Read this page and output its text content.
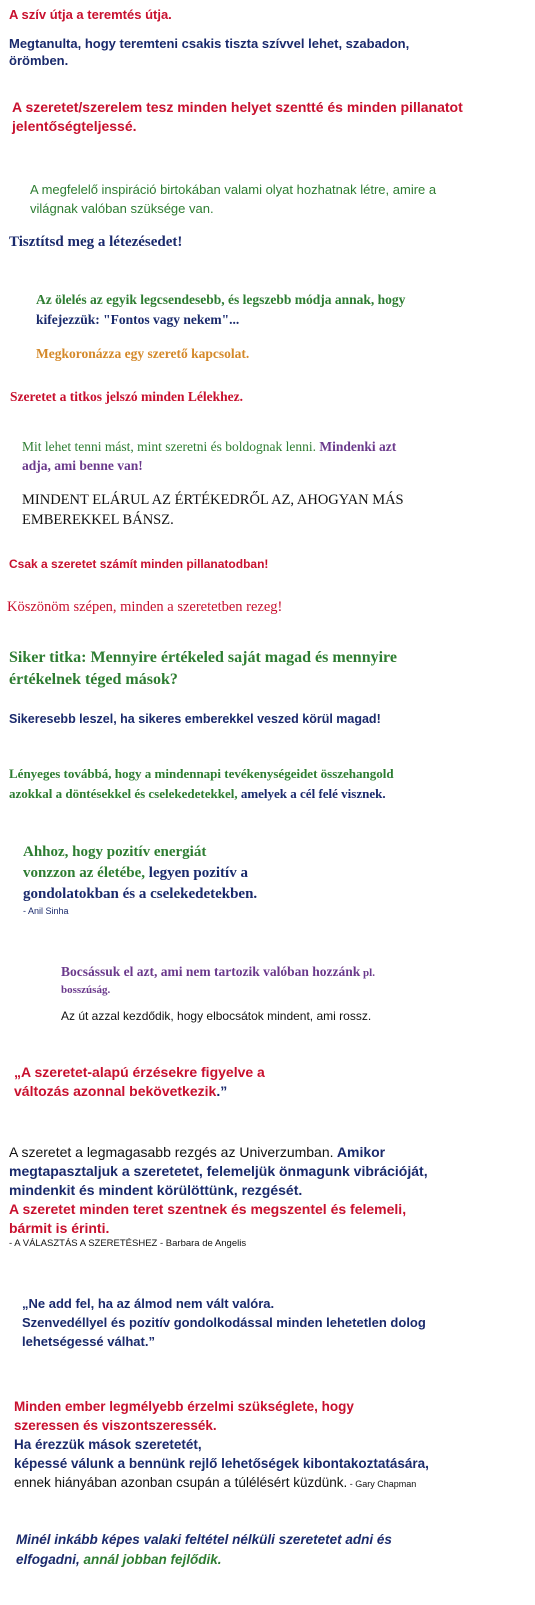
A szív útja a teremtés útja.
Megtanulta, hogy teremteni csakis tiszta szívvel lehet, szabadon,
örömben.
A szeretet/szerelem tesz minden helyet szentté és minden pillanatot
jelentőségteljessé.
A megfelelő inspiráció birtokában valami olyat hozhatnak létre, amire a
világnak valóban szüksége van.
Tisztítsd meg a létezésedet!
Az ölelés az egyik legcsendesebb, és legszebb módja annak, hogy
kifejezzük: "Fontos vagy nekem"...
Megkoronázza egy szerető kapcsolat.
Szeretet a titkos jelszó minden Lélekhez.
Mit lehet tenni mást, mint szeretni és boldognak lenni. Mindenki azt
adja, ami benne van!
MINDENT ELÁRUL AZ ÉRTÉKEDRŐL AZ, AHOGYAN MÁS
EMBEREKKEL BÁNSZ.
Csak a szeretet számít minden pillanatodban!
Köszönöm szépen, minden a szeretetben rezeg!
Siker titka: Mennyire értékeled saját magad és mennyire
értékelnek téged mások?
Sikeresebb leszel, ha sikeres emberekkel veszed körül magad!
Lényeges továbbá, hogy a mindennapi tevékenységeidet összehangold
azokkal a döntésekkel és cselekedetekkel, amelyek a cél felé visznek.
Ahhoz, hogy pozitív energiát
vonzzon az életébe, legyen pozitív a
gondolatokban és a cselekedetekben.
- Anil Sinha
Bocsássuk el azt, ami nem tartozik valóban hozzánk pl.
bosszúság.
Az út azzal kezdődik, hogy elbocsátok mindent, ami rossz.
„A szeretet-alapú érzésekre figyelve a
változás azonnal bekövetkezik.”
A szeretet a legmagasabb rezgés az Univerzumban. Amikor
megtapasztaljuk a szeretetet, felemeljük önmagunk vibrációját,
mindenkit és mindent körülöttünk, rezgését.
A szeretet minden teret szentnek és megszentel és felemeli,
bármit is érinti.
- A VÁLASZTÁS A SZERETÉSHEZ - Barbara de Angelis
„Ne add fel, ha az álmod nem vált valóra.
Szenvedéllyel és pozitív gondolkodással minden lehetetlen dolog
lehetségessé válhat.”
Minden ember legmélyebb érzelmi szükséglete, hogy
szeressen és viszontszeressék.
Ha érezzük mások szeretetét,
képessé válunk a bennünk rejlő lehetőségek kibontakoztatására,
ennek hiányában azonban csupán a túlélésért küzdünk. - Gary Chapman
Minél inkább képes valaki feltétel nélküli szeretetet adni és
elfogadni, annál jobban fejlődik.
